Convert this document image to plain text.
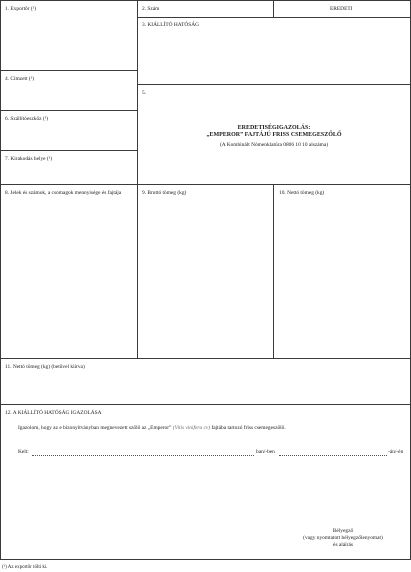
1. Exportőr (¹)	2. Szám	EREDETI
3. KIÁLLÍTÓ HATÓSÁG
4. Címzett (¹)
5.
EREDETISÉGIGAZOLÁS:
„EMPEROR” FAJTÁJÚ FRISS CSEMEGESZŐLŐ
(A Kombinált Nómenklatúra 0806 10 10 alszáma)
6. Szállítóeszköz (¹)
7. Kirakodás helye (¹)
8. Jelek és számok, a csomagok mennyisége és fajtája	9. Bruttó tömeg (kg)	10. Nettó tömeg (kg)
11. Nettó tömeg (kg) (betűvel kiírva)
12. A KIÁLLÍTÓ HATÓSÁG IGAZOLÁSA
Igazolom, hogy az e bizonyítványban megnevezett szőlő az „Emperor” (Vitis vinifera cv) fajtába tartozó friss csemegeszőlő.
Kelt:	ban/-ben	-án/-én
Bélyegző
(vagy nyomtatott bélyegzőlenyomat)
és aláírás
(¹) Az exportőr tölti ki.
